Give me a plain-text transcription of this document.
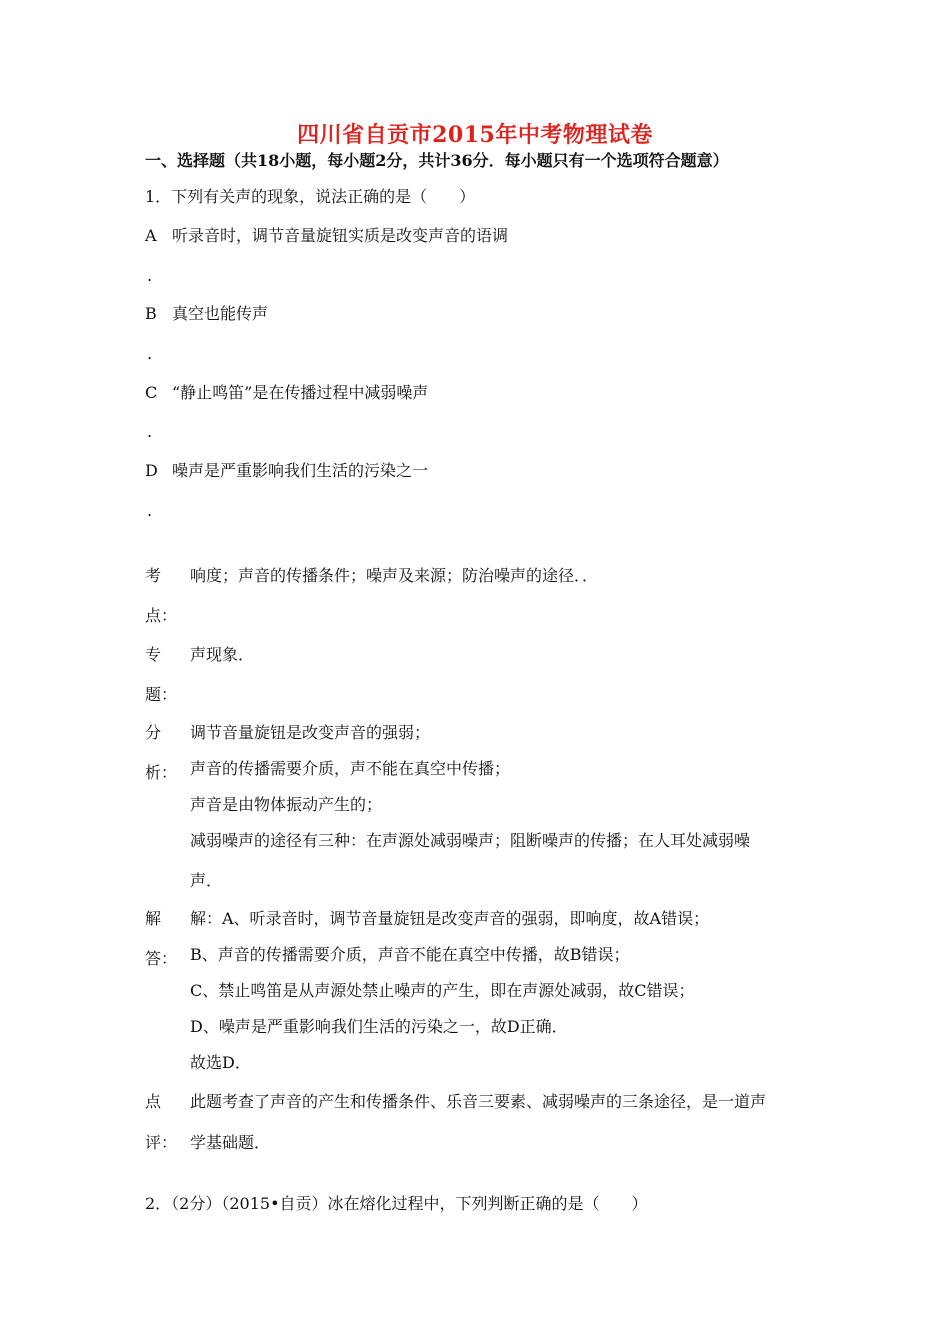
四川省自贡市2015年中考物理试卷
一、选择题（共18小题，每小题2分，共计36分．每小题只有一个选项符合题意）
1．下列有关声的现象，说法正确的是（　　）
A 听录音时，调节音量旋钮实质是改变声音的语调
.
B 真空也能传声
.
C “静止鸣笛”是在传播过程中减弱噪声
.
D 噪声是严重影响我们生活的污染之一
.
考
点：
响度；声音的传播条件；噪声及来源；防治噪声的途径．．
专
题：
声现象．
分
析：
调节音量旋钮是改变声音的强弱；
声音的传播需要介质，声不能在真空中传播；
声音是由物体振动产生的；
减弱噪声的途径有三种：在声源处减弱噪声；阻断噪声的传播；在人耳处减弱噪
声．
解
答：
解：A、听录音时，调节音量旋钮是改变声音的强弱，即响度，故A错误；
B、声音的传播需要介质，声音不能在真空中传播，故B错误；
C、禁止鸣笛是从声源处禁止噪声的产生，即在声源处减弱，故C错误；
D、噪声是严重影响我们生活的污染之一，故D正确．
故选D．
点
评：
此题考查了声音的产生和传播条件、乐音三要素、减弱噪声的三条途径，是一道声
学基础题．
2．（2分）（2015•自贡）冰在熔化过程中，下列判断正确的是（　　）
